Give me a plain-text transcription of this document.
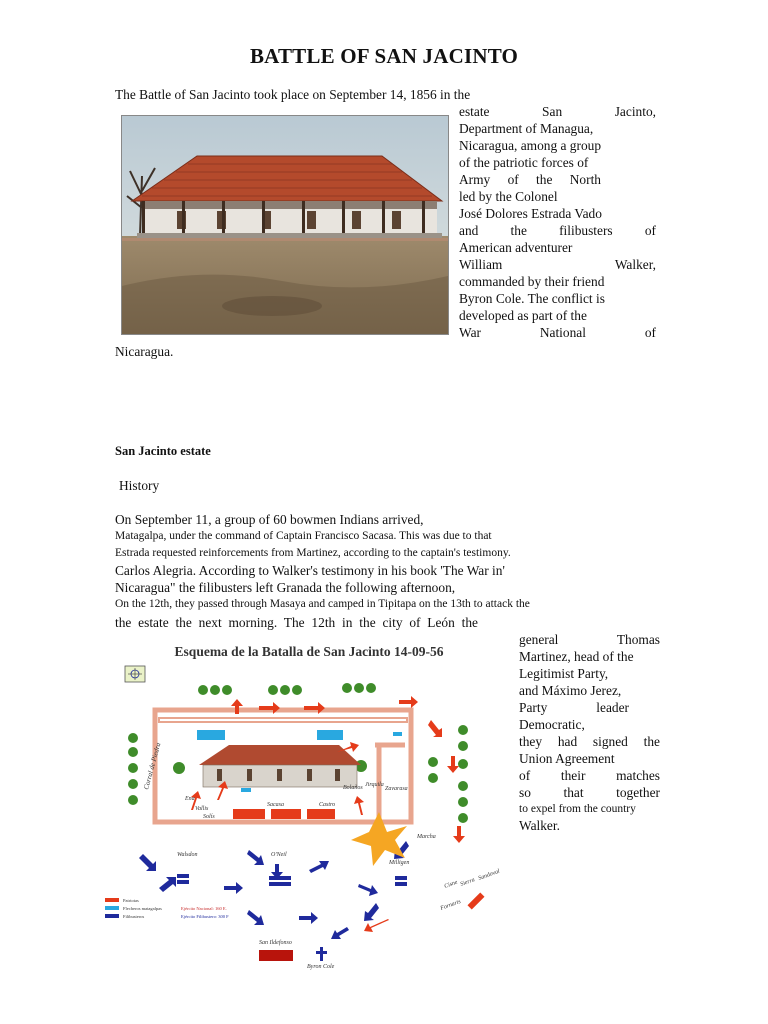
BATTLE OF SAN JACINTO
The Battle of San Jacinto took place on September 14, 1856 in the
estate San Jacinto,
Department of Managua,
Nicaragua, among a group
of the patriotic forces of
Army of the North
led by the Colonel
José Dolores Estrada Vado
and the filibusters of
American adventurer
William Walker,
commanded by their friend
Byron Cole. The conflict is
developed as part of the
War National of
Nicaragua.
San Jacinto estate
History
On September 11, a group of 60 bowmen Indians arrived,
Matagalpa, under the command of Captain Francisco Sacasa. This was due to that
Estrada requested reinforcements from Martinez, according to the captain's testimony.
Carlos Alegria. According to Walker's testimony in his book 'The War in'
Nicaragua" the filibusters left Granada the following afternoon,
On the 12th, they passed through Masaya and camped in Tipitapa on the 13th to attack the
the estate the next morning. The 12th in the city of León the
general Thomas
Martinez, head of the
Legitimist Party,
and Máximo Jerez,
Party leader
Democratic,
they had signed the
Union Agreement
of their matches
so that together
to expel from the country
Walker.
Esquema de la Batalla de San Jacinto 14-09-56
Corral de Piedra
Ena
Vallis
Solís
Sacasa	Castro
Bolaños Jirquila
Zavarasa
Walsdon	O'Neil
Milligen
Marcha
Cisne Sierra
Sandoval
Fornaris
San Ildefonso
Byron Cole
Patriotas
Flecheros matagalpas
Filibusteros
Ejército Nacional: 160 E.
Ejército Filibustero: 300 F
